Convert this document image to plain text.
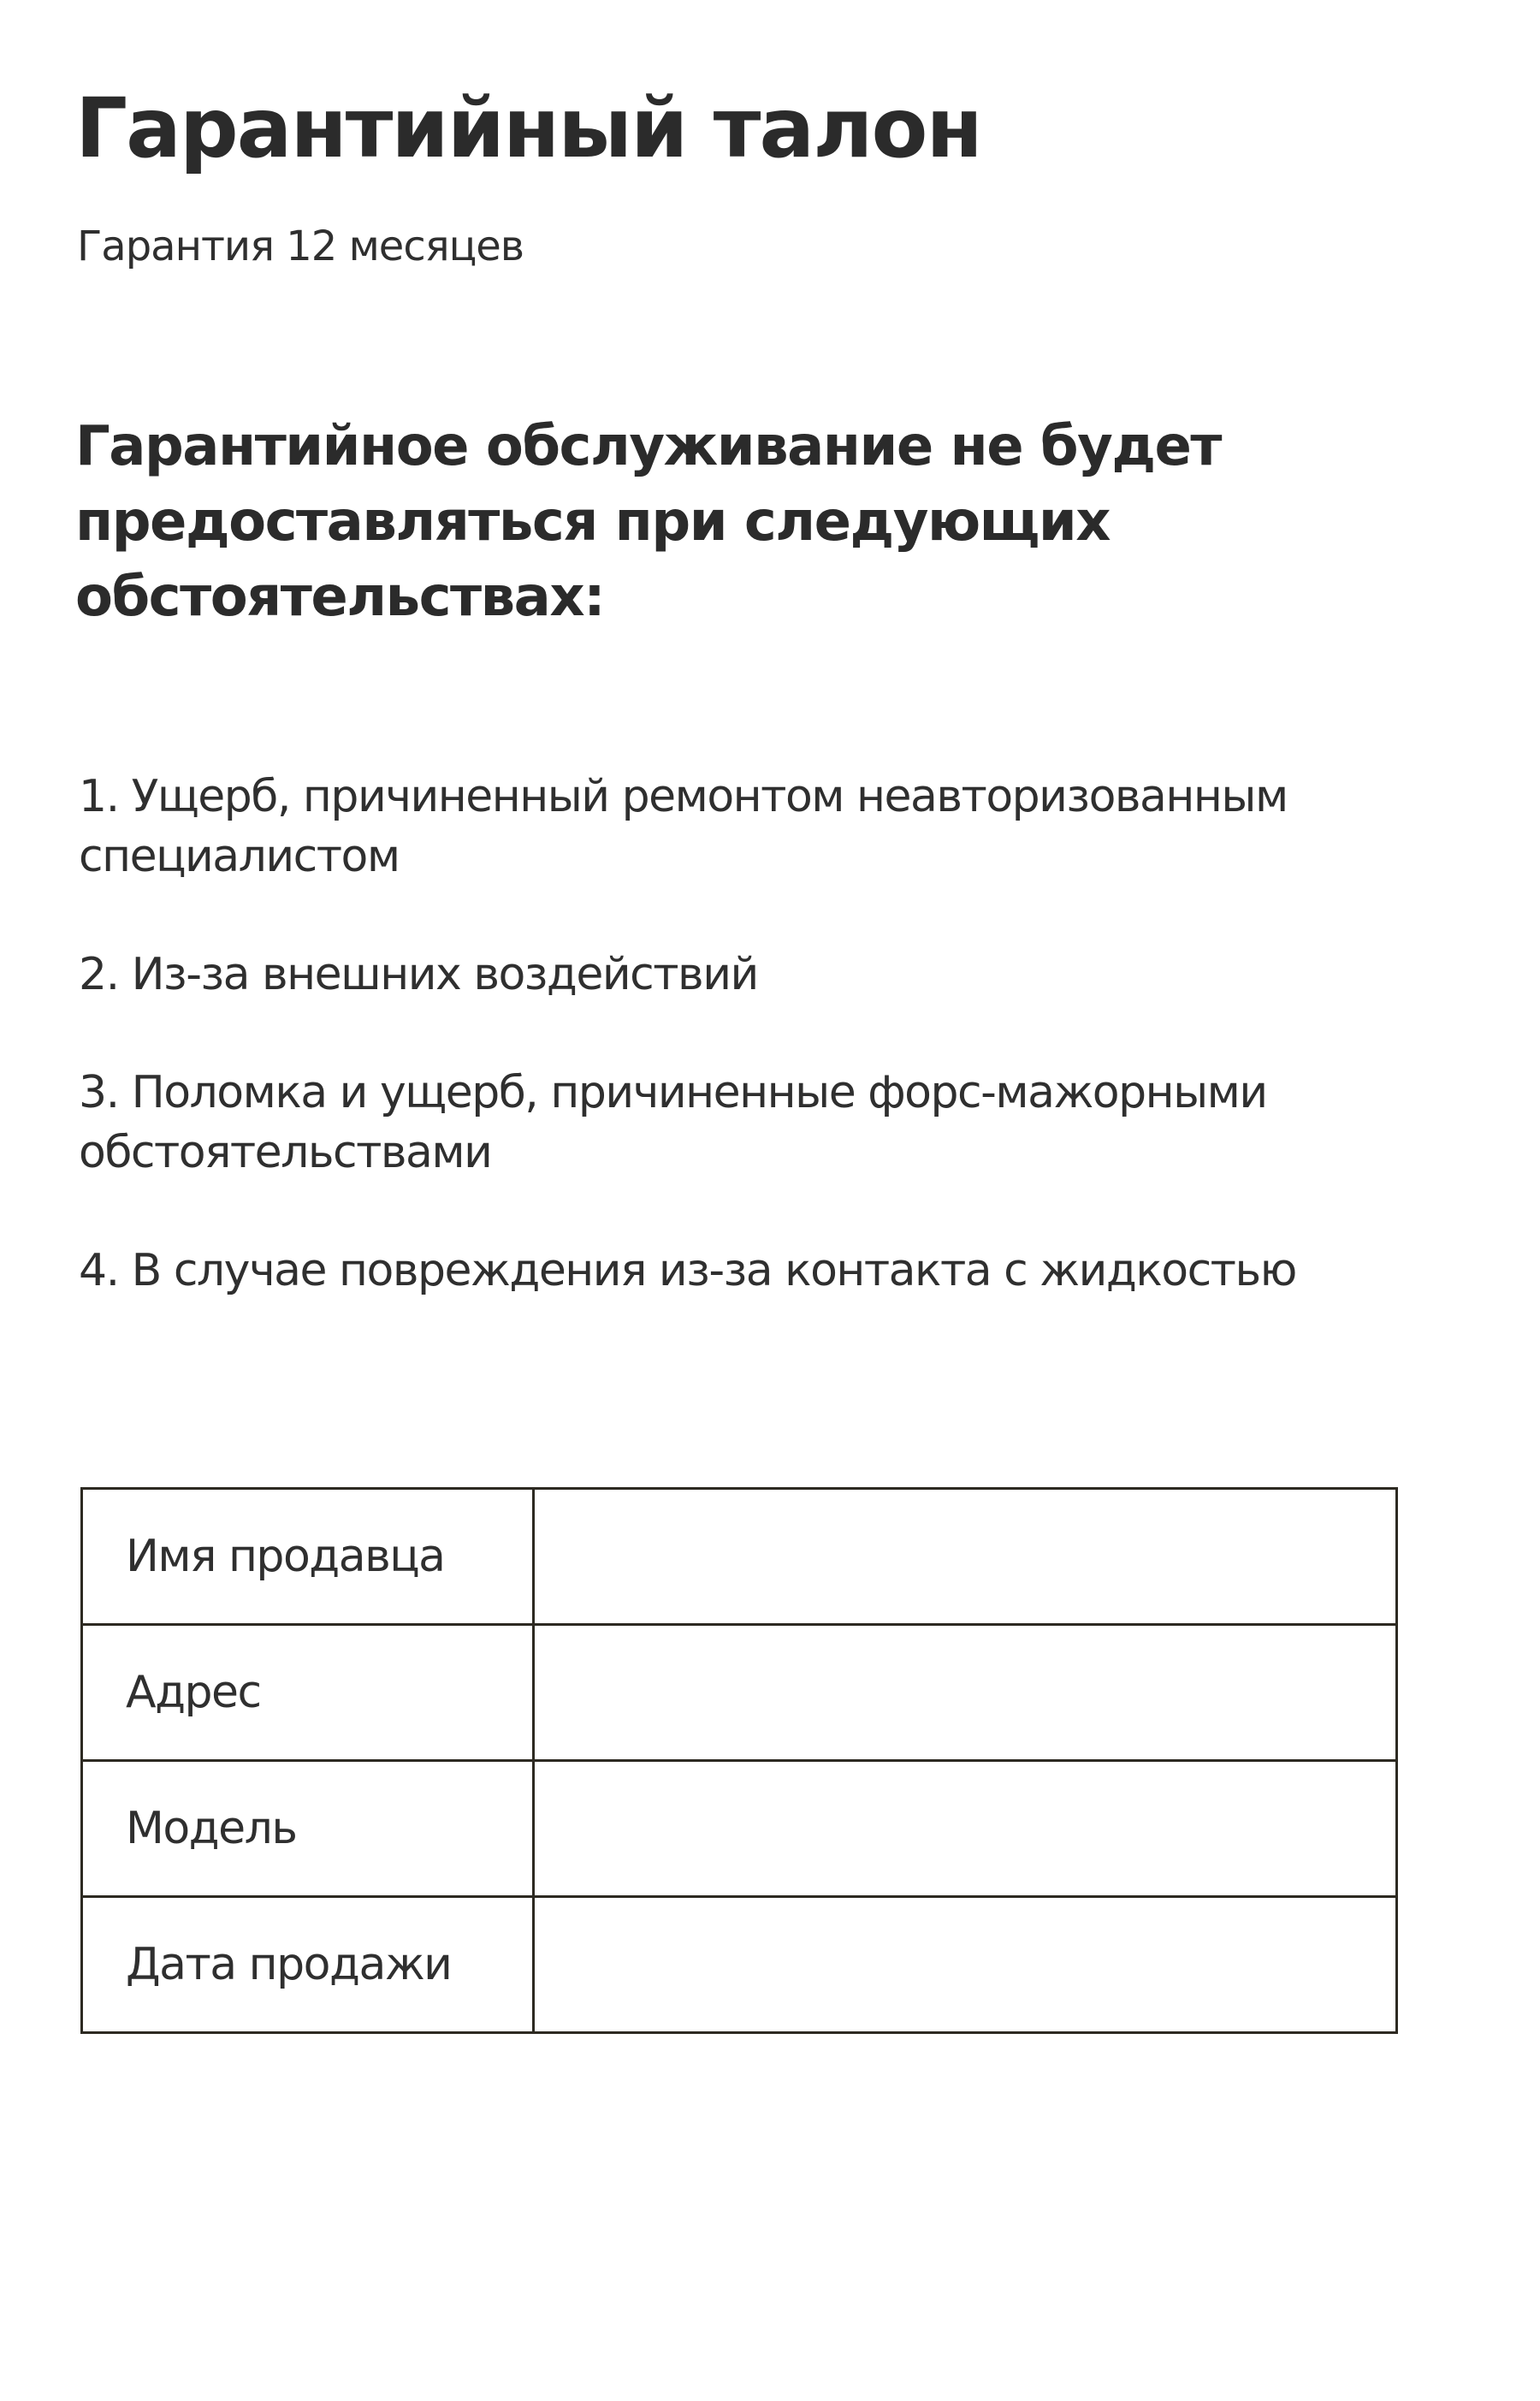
Гарантийный талон

Гарантия 12 месяцев

Гарантийное обслуживание не будет предоставляться при следующих обстоятельствах:
1. Ущерб, причиненный ремонтом неавторизованным специалистом
2. Из-за внешних воздействий
3. Поломка и ущерб, причиненные форс-мажорными обстоятельствами
4. В случае повреждения из-за контакта с жидкостью
Имя продавца	
Адрес	
Модель	
Дата продажи	
